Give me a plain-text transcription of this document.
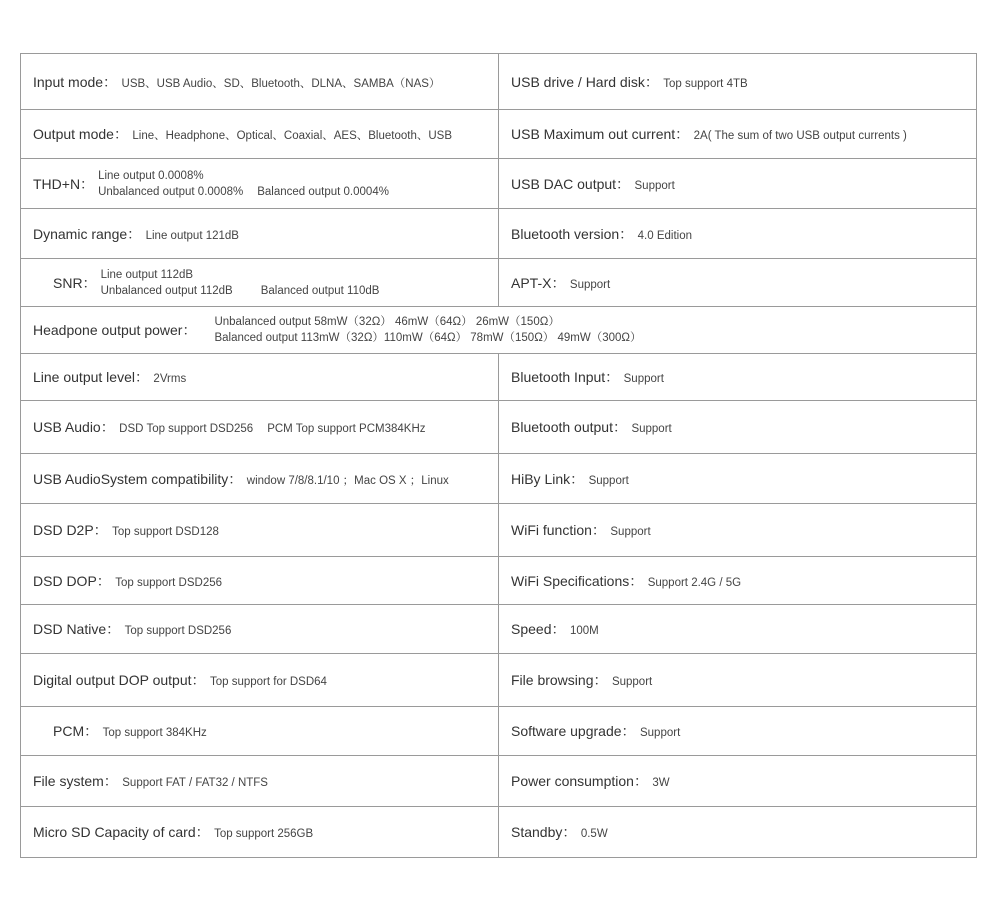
Input mode： USB、USB Audio、SD、Bluetooth、DLNA、SAMBA（NAS）	USB drive / Hard disk： Top support 4TB
Output mode： Line、Headphone、Optical、Coaxial、AES、Bluetooth、USB	USB Maximum out current： 2A( The sum of two USB output currents )

THD+N： Line output 0.0008%
Unbalanced output 0.0008% Balanced output 0.0004%	USB DAC output： Support
Dynamic range： Line output 121dB	Bluetooth version： 4.0 Edition

SNR： Line output 112dB
Unbalanced output 112dB Balanced output 110dB	APT-X： Support

Headpone output power： Unbalanced output 58mW（32Ω） 46mW（64Ω） 26mW（150Ω）
Balanced output 113mW（32Ω）110mW（64Ω） 78mW（150Ω） 49mW（300Ω）	

Line output level： 2Vrms	Bluetooth Input： Support
USB Audio： DSD Top support DSD256 PCM Top support PCM384KHz	Bluetooth output： Support
USB AudioSystem compatibility： window 7/8/8.1/10 ；Mac OS X ；Linux	HiBy Link： Support
DSD D2P： Top support DSD128	WiFi function： Support
DSD DOP： Top support DSD256	WiFi Specifications： Support 2.4G / 5G
DSD Native： Top support DSD256	Speed： 100M
Digital output DOP output： Top support for DSD64	File browsing： Support
PCM： Top support 384KHz	Software upgrade： Support
File system： Support FAT / FAT32 / NTFS	Power consumption： 3W
Micro SD Capacity of card： Top support 256GB	Standby： 0.5W
